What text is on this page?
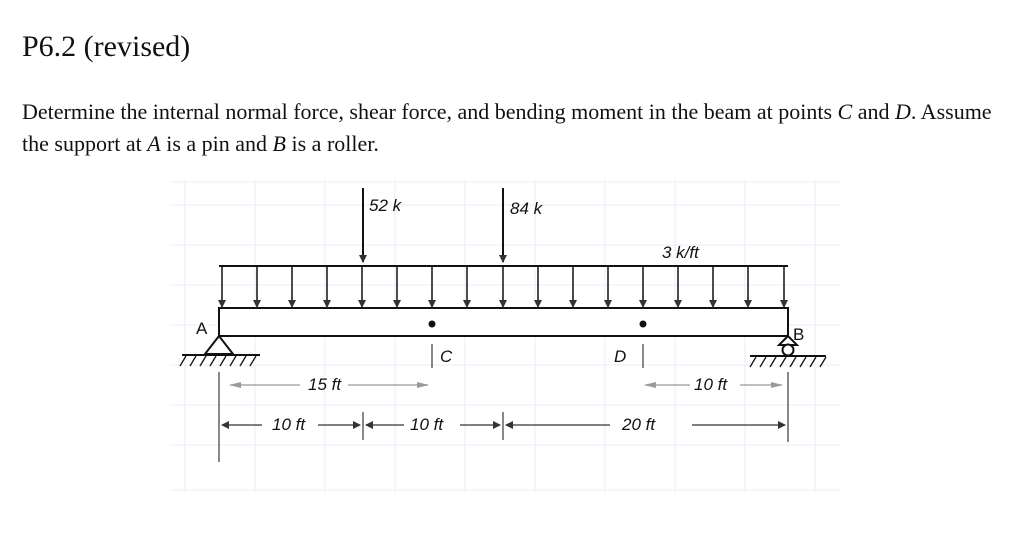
P6.2 (revised)
Determine the internal normal force, shear force, and bending moment in the beam at points C and D. Assume the support at A is a pin and B is a roller.
52 k	84 k
3 k/ft
C	D
A	B
15 ft	10 ft
10 ft	10 ft	20 ft
